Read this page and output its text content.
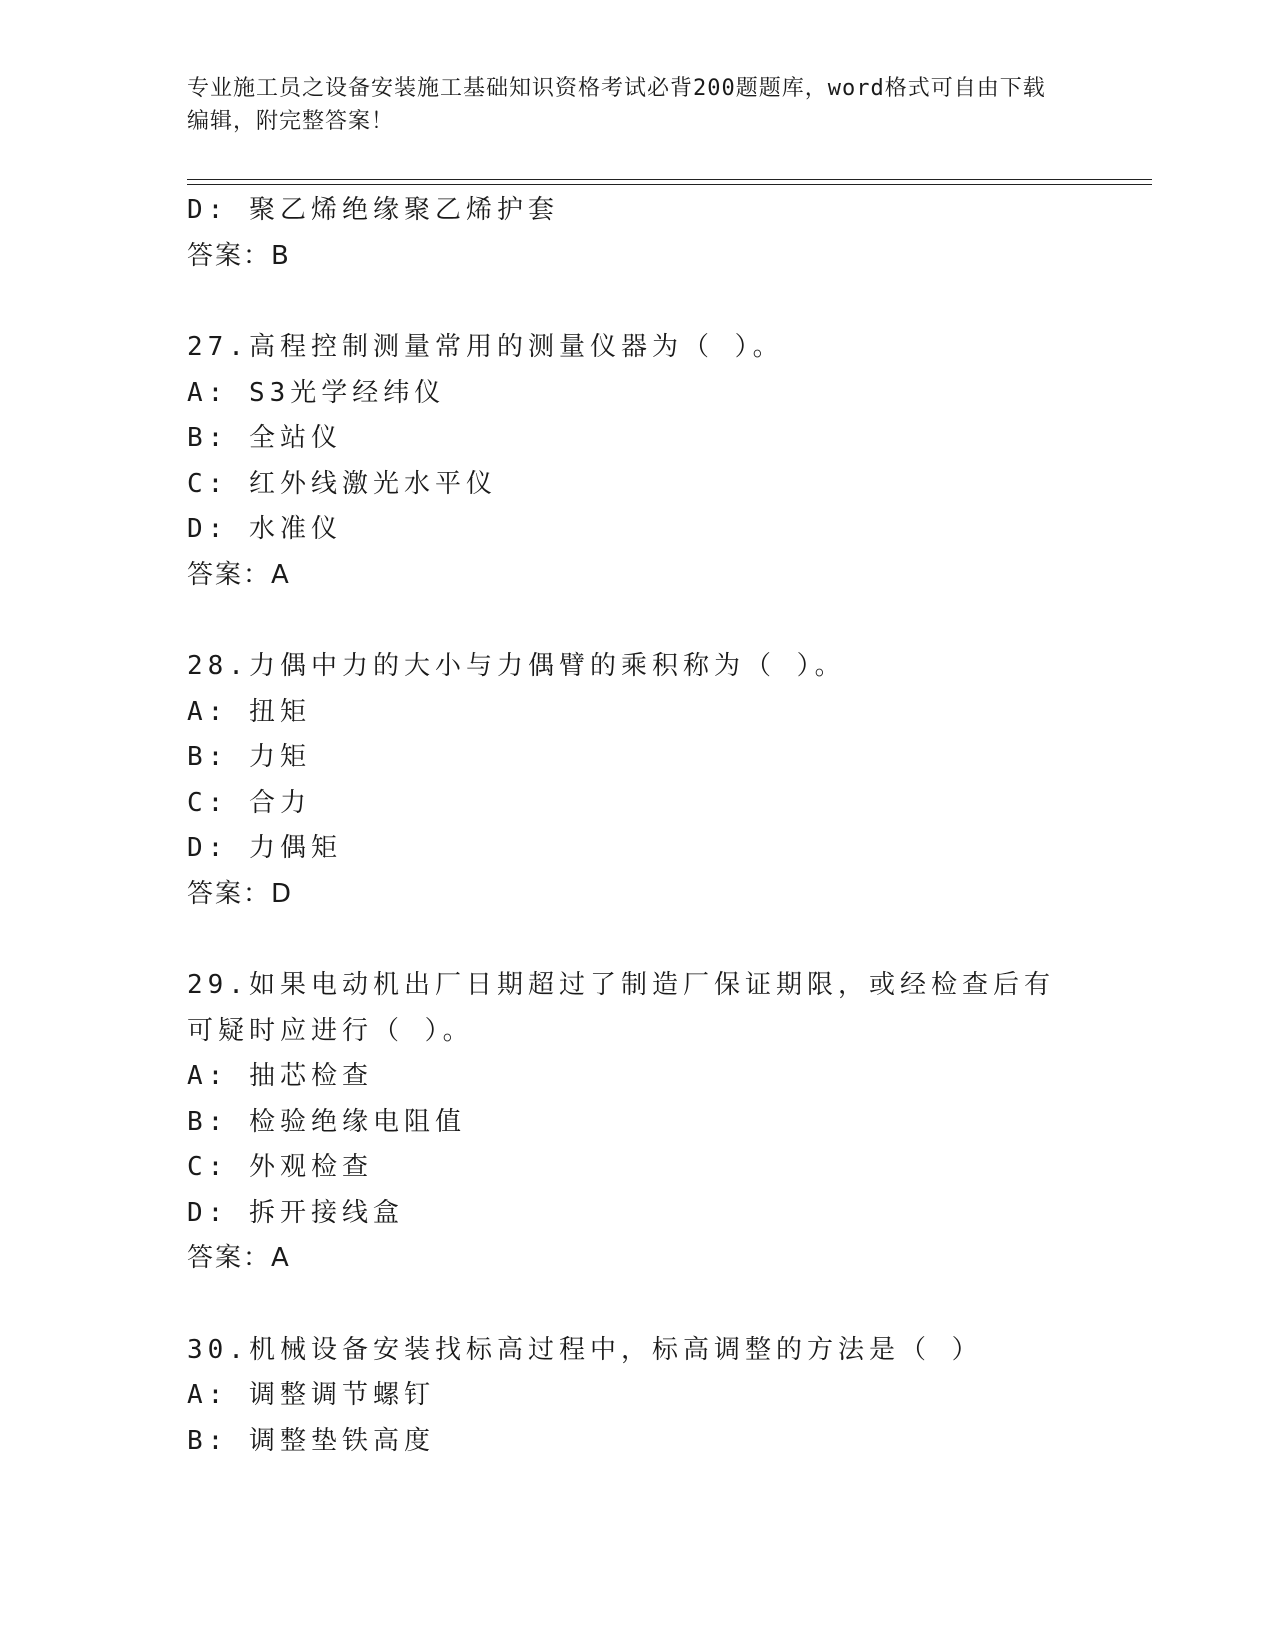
专业施工员之设备安装施工基础知识资格考试必背200题题库，word格式可自由下载编辑，附完整答案！
D: 聚乙烯绝缘聚乙烯护套
答案：B
27.高程控制测量常用的测量仪器为（ ）。
A: S3光学经纬仪
B: 全站仪
C: 红外线激光水平仪
D: 水准仪
答案：A
28.力偶中力的大小与力偶臂的乘积称为（ ）。
A: 扭矩
B: 力矩
C: 合力
D: 力偶矩
答案：D
29.如果电动机出厂日期超过了制造厂保证期限，或经检查后有可疑时应进行（ ）。
A: 抽芯检查
B: 检验绝缘电阻值
C: 外观检查
D: 拆开接线盒
答案：A
30.机械设备安装找标高过程中，标高调整的方法是（ ）
A: 调整调节螺钉
B: 调整垫铁高度
